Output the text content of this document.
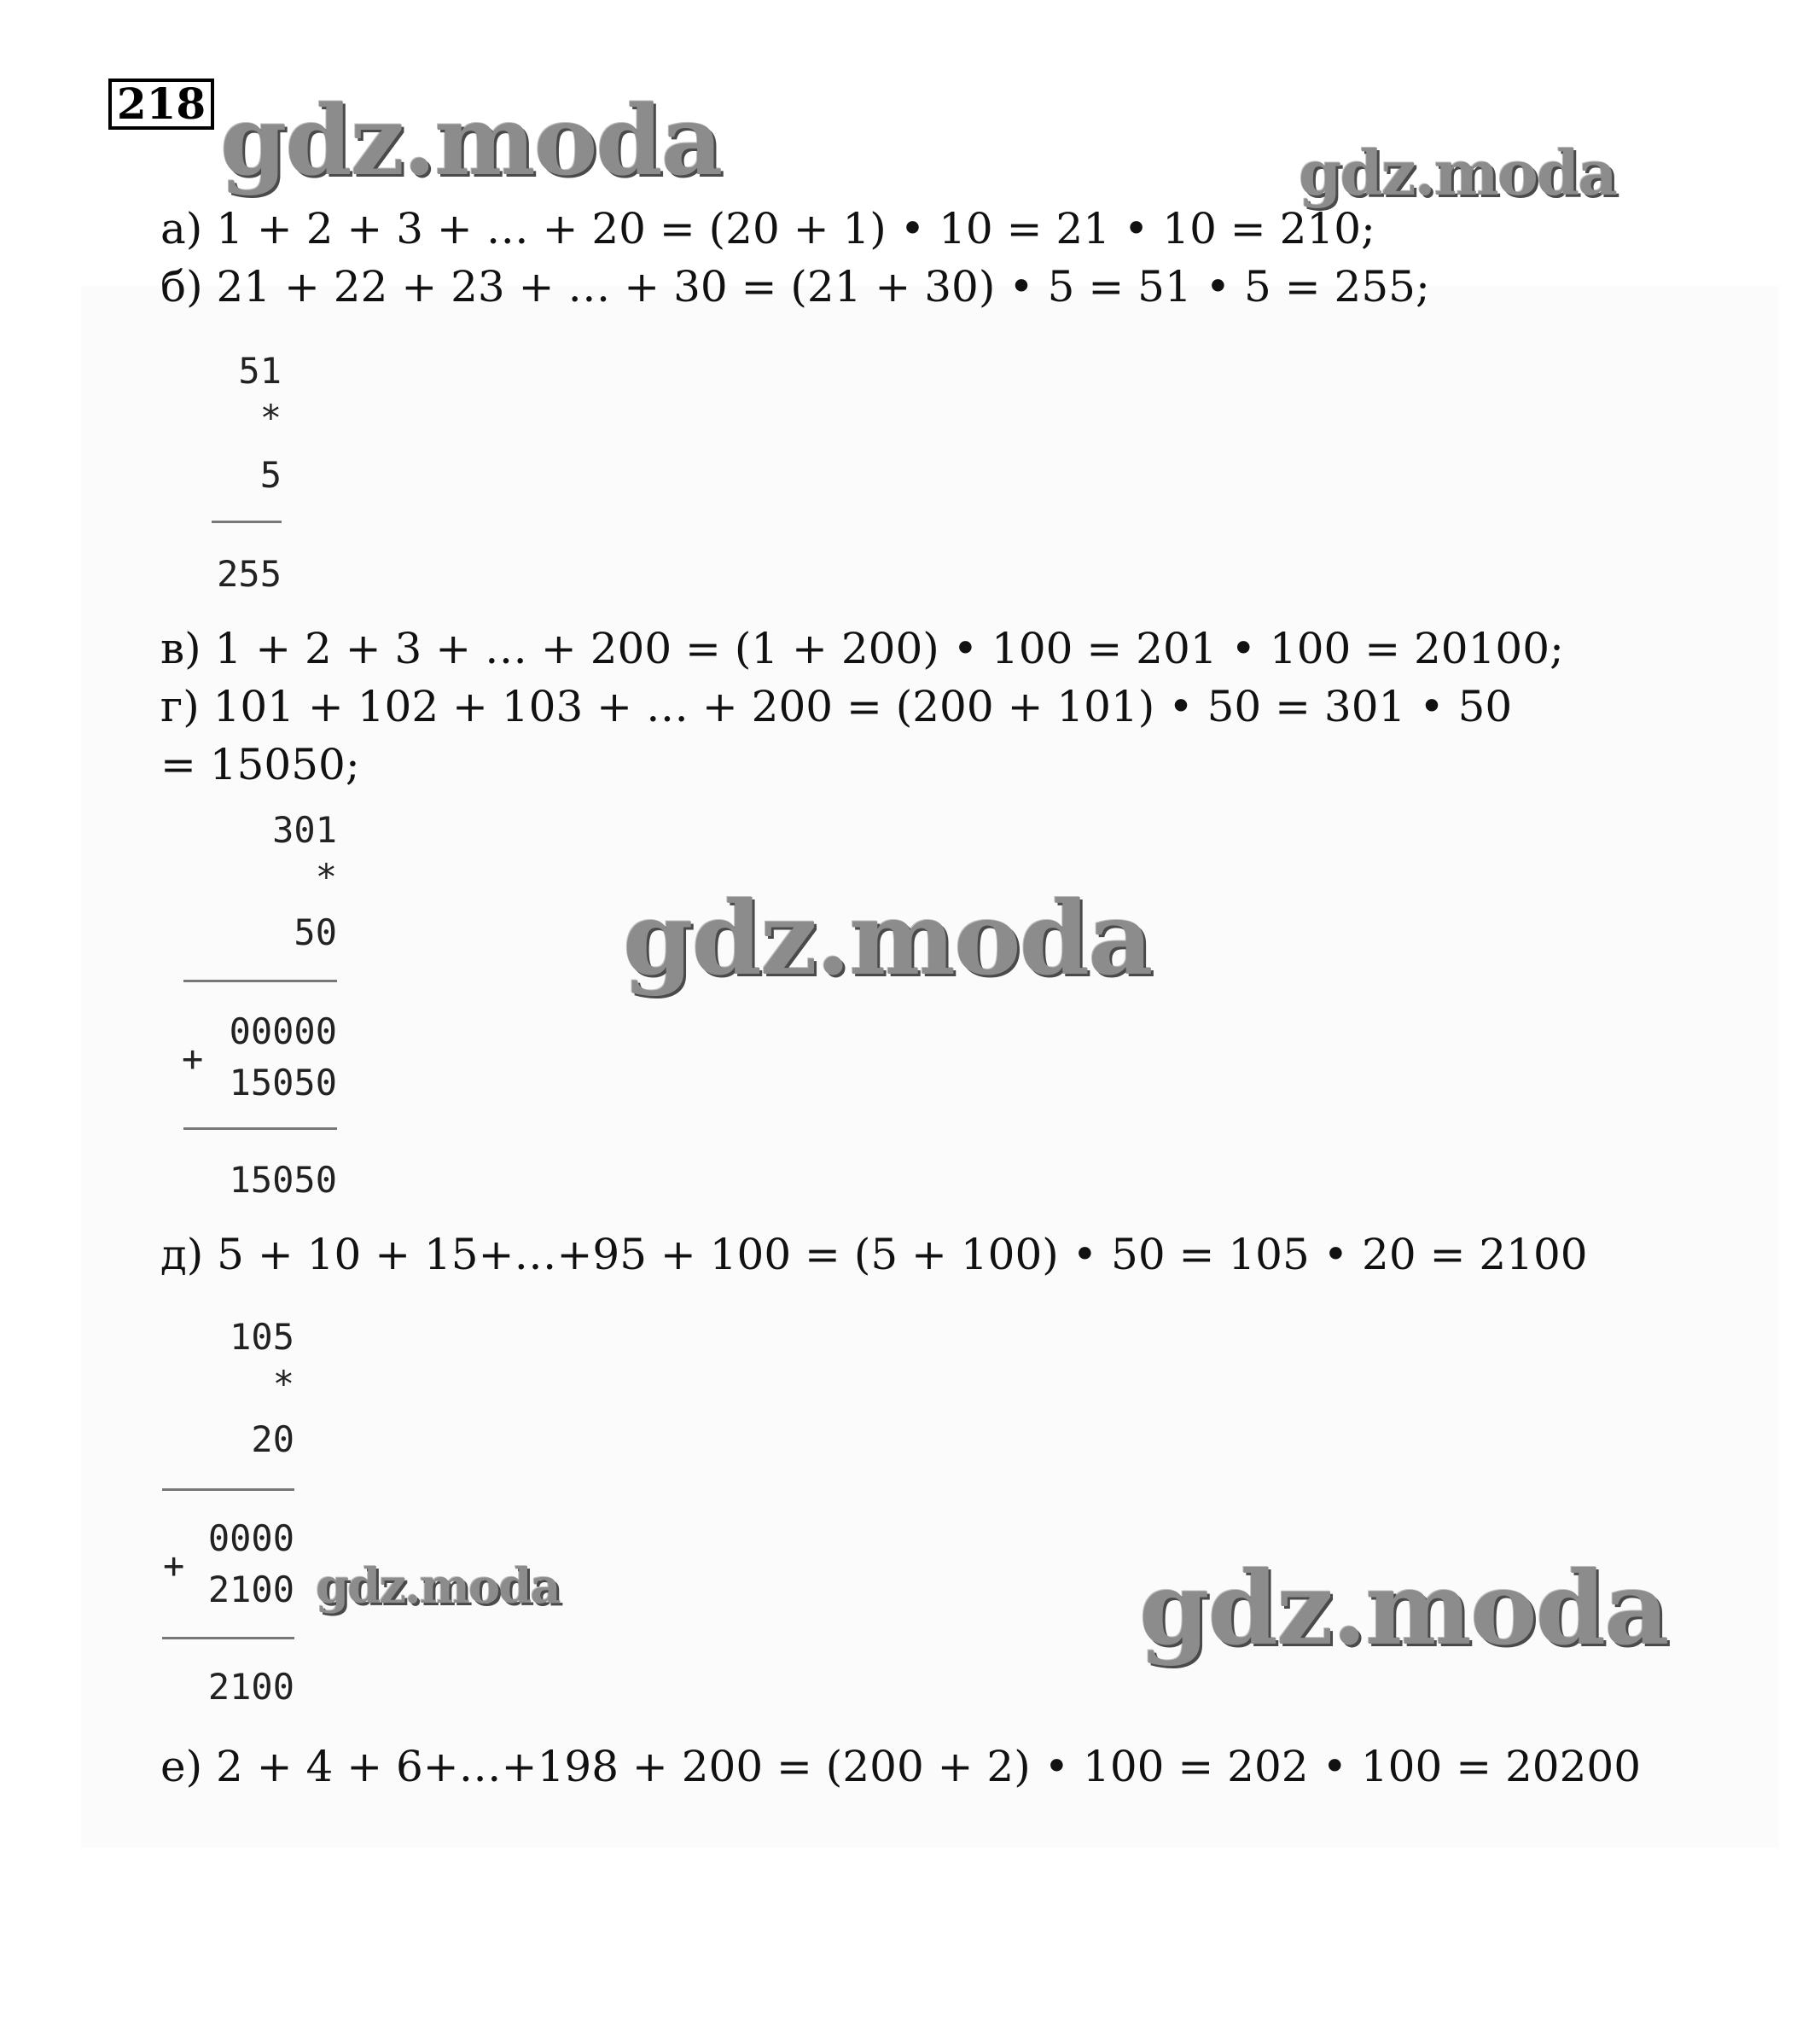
218 gdz.moda	gdz.moda
gdz.moda
gdz.moda	gdz.moda
а) 1 + 2 + 3 + … + 20 = (20 + 1) • 10 = 21 • 10 = 210;
б) 21 + 22 + 23 + … + 30 = (21 + 30) • 5 = 51 • 5 = 255;
51
*
5
255
в) 1 + 2 + 3 + … + 200 = (1 + 200) • 100 = 201 • 100 = 20100;
г) 101 + 102 + 103 + … + 200 = (200 + 101) • 50 = 301 • 50
= 15050;
301
*
50
00000
+
15050
15050
д) 5 + 10 + 15+…+95 + 100 = (5 + 100) • 50 = 105 • 20 = 2100
105
*
20
0000
+
2100
2100
е) 2 + 4 + 6+…+198 + 200 = (200 + 2) • 100 = 202 • 100 = 20200
